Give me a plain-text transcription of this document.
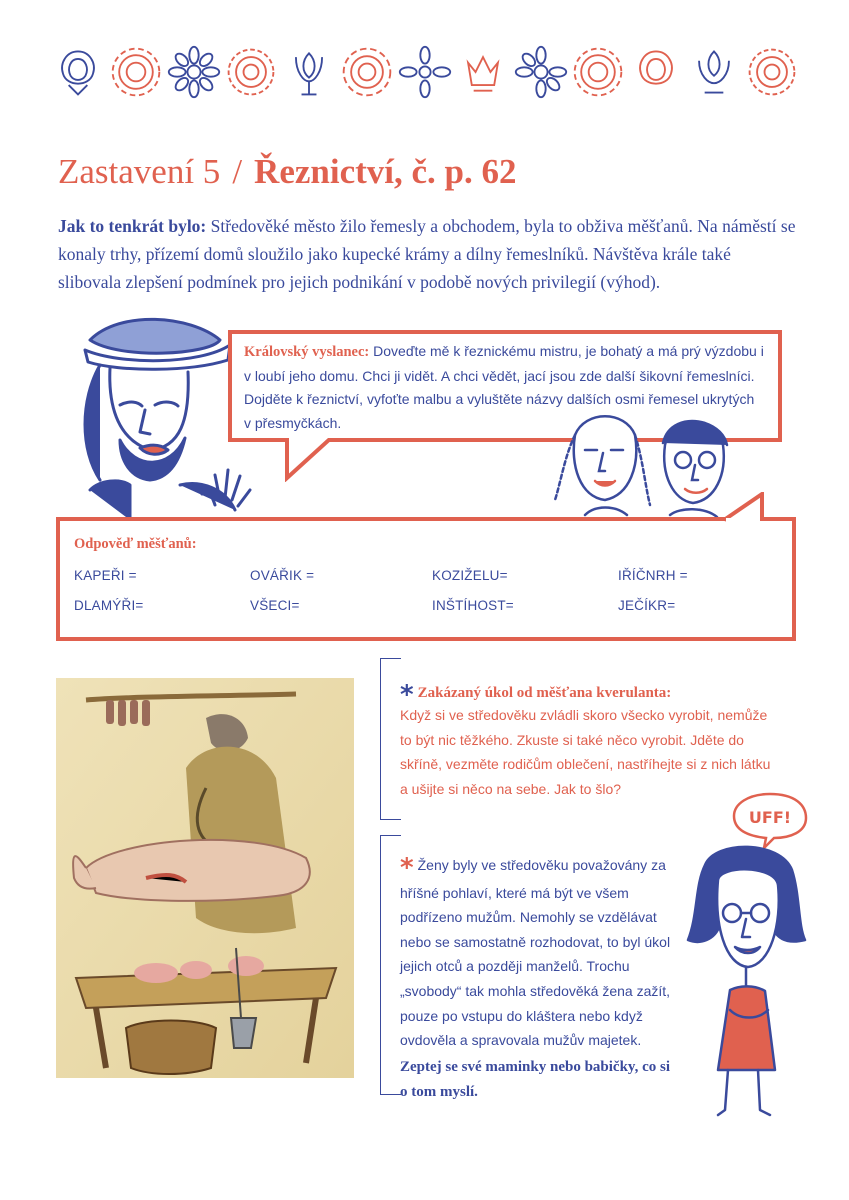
Zastavení 5 / Řeznictví, č. p. 62
Jak to tenkrát bylo: Středověké město žilo řemesly a obchodem, byla to obživa měšťanů. Na náměstí se konaly trhy, přízemí domů sloužilo jako kupecké krámy a dílny řemeslníků. Návštěva krále také slibovala zlepšení podmínek pro jejich podnikání v podobě nových privilegií (výhod).
Královský vyslanec: Doveďte mě k řeznickému mistru, je bohatý a má prý výzdobu i v loubí jeho domu. Chci ji vidět. A chci vědět, jací jsou zde další šikovní řemeslníci. Dojděte k řeznictví, vyfoťte malbu a vyluštěte názvy dalších osmi řemesel ukrytých v přesmyčkách.
Odpověď měšťanů:
KAPEŘI =	OVÁŘIK =	KOZIŽELU=	IŘÍČNRH =
DLAMÝŘI=	VŠECI=	INŠTÍHOST=	JEČÍKR=
* Zakázaný úkol od měšťana kverulanta:
Když si ve středověku zvládli skoro všecko vyrobit, nemůže to být nic těžkého. Zkuste si také něco vyrobit. Jděte do skříně, vezměte rodičům oblečení, nastříhejte si z nich látku a ušijte si něco na sebe. Jak to šlo?
* Ženy byly ve středověku považovány za hříšné pohlaví, které má být ve všem podřízeno mužům. Nemohly se vzdělávat nebo se samostatně rozhodovat, to byl úkol jejich otců a později manželů. Trochu „svobody“ tak mohla středověká žena zažít, pouze po vstupu do kláštera nebo když ovdověla a spravovala mužův majetek. Zeptej se své maminky nebo babičky, co si o tom myslí.
UFF!
